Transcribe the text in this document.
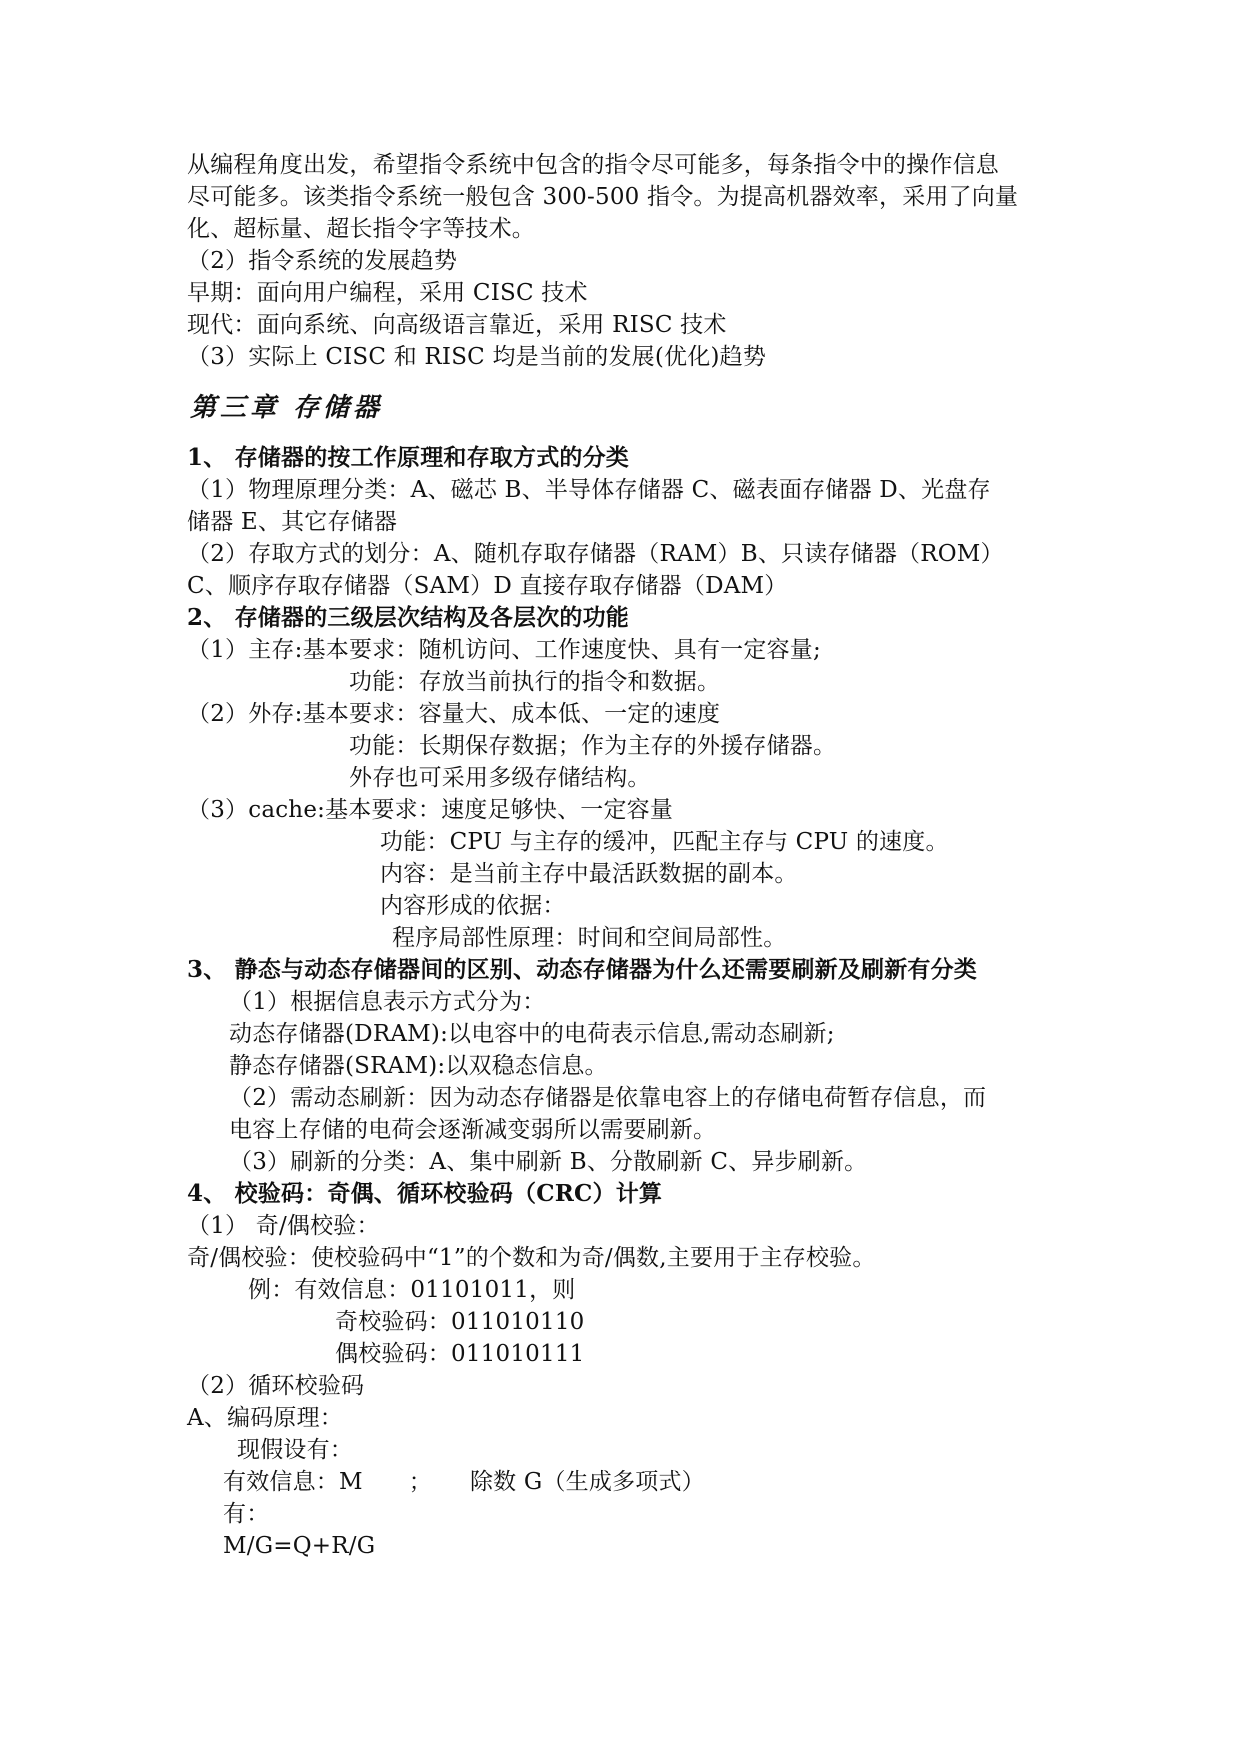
从编程角度出发，希望指令系统中包含的指令尽可能多，每条指令中的操作信息
尽可能多。该类指令系统一般包含 300-500 指令。为提高机器效率，采用了向量
化、超标量、超长指令字等技术。
（2）指令系统的发展趋势
早期：面向用户编程，采用 CISC 技术
现代：面向系统、向高级语言靠近，采用 RISC 技术
（3）实际上 CISC 和 RISC 均是当前的发展(优化)趋势
第三章 存储器
1、 存储器的按工作原理和存取方式的分类
（1）物理原理分类：A、磁芯 B、半导体存储器 C、磁表面存储器 D、光盘存
储器 E、其它存储器
（2）存取方式的划分：A、随机存取存储器（RAM）B、只读存储器（ROM）
C、顺序存取存储器（SAM）D 直接存取存储器（DAM）
2、 存储器的三级层次结构及各层次的功能
（1）主存:基本要求：随机访问、工作速度快、具有一定容量;
功能：存放当前执行的指令和数据。
（2）外存:基本要求：容量大、成本低、一定的速度
功能：长期保存数据；作为主存的外援存储器。
外存也可采用多级存储结构。
（3）cache:基本要求：速度足够快、一定容量
功能：CPU 与主存的缓冲，匹配主存与 CPU 的速度。
内容：是当前主存中最活跃数据的副本。
内容形成的依据：
程序局部性原理：时间和空间局部性。
3、 静态与动态存储器间的区别、动态存储器为什么还需要刷新及刷新有分类
（1）根据信息表示方式分为：
动态存储器(DRAM):以电容中的电荷表示信息,需动态刷新;
静态存储器(SRAM):以双稳态信息。
（2）需动态刷新：因为动态存储器是依靠电容上的存储电荷暂存信息，而
电容上存储的电荷会逐渐减变弱所以需要刷新。
（3）刷新的分类：A、集中刷新 B、分散刷新 C、异步刷新。
4、 校验码：奇偶、循环校验码（CRC）计算
（1） 奇/偶校验：
奇/偶校验：使校验码中“1”的个数和为奇/偶数,主要用于主存校验。
例：有效信息：01101011，则
奇校验码：011010110
偶校验码：011010111
（2）循环校验码
A、编码原理：
现假设有：
有效信息：M ； 除数 G（生成多项式）
有：
M/G=Q+R/G
